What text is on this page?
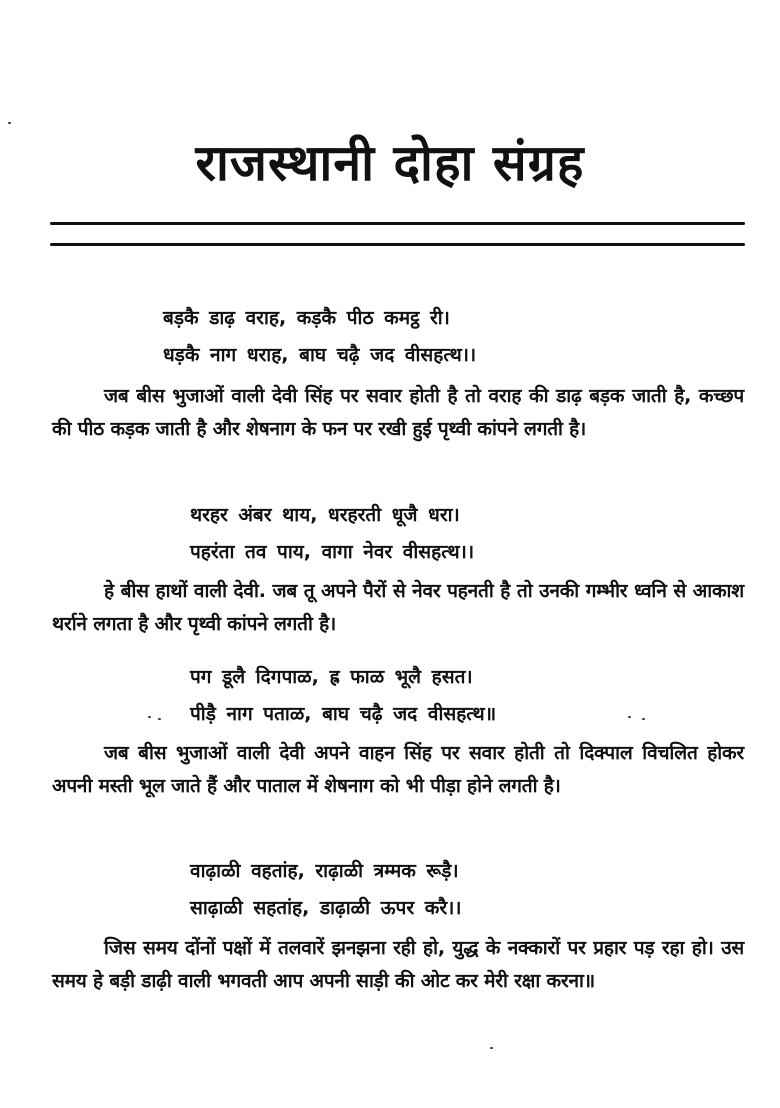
राजस्थानी दोहा संग्रह
बड़कै डाढ़ वराह, कड़कै पीठ कमट्ठ री।
धड़कै नाग धराह, बाघ चढ़ै जद वीसहत्थ।।

जब बीस भुजाओं वाली देवी सिंह पर सवार होती है तो वराह की डाढ़ बड़क जाती है, कच्छप की पीठ कड़क जाती है और शेषनाग के फन पर रखी हुई पृथ्वी कांपने लगती है।

थरहर अंबर थाय, धरहरती धूजै धरा।
पहरंता तव पाय, वागा नेवर वीसहत्थ।।

हे बीस हाथों वाली देवी. जब तू अपने पैरों से नेवर पहनती है तो उनकी गम्भीर ध्वनि से आकाश थर्राने लगता है और पृथ्वी कांपने लगती है।

पग डूलै दिगपाळ, ह्र फाळ भूलै हसत।
पीड़ै नाग पताळ, बाघ चढ़ै जद वीसहत्थ॥

जब बीस भुजाओं वाली देवी अपने वाहन सिंह पर सवार होती तो दिक्पाल विचलित होकर अपनी मस्ती भूल जाते हैं और पाताल में शेषनाग को भी पीड़ा होने लगती है।

वाढ़ाळी वहतांह, राढ़ाळी त्रम्मक रूड़ै।
साढ़ाळी सहतांह, डाढ़ाळी ऊपर करै।।

जिस समय दोंनों पक्षों में तलवारें झनझना रही हो, युद्ध के नक्कारों पर प्रहार पड़ रहा हो। उस समय हे बड़ी डाढ़ी वाली भगवती आप अपनी साड़ी की ओट कर मेरी रक्षा करना॥
